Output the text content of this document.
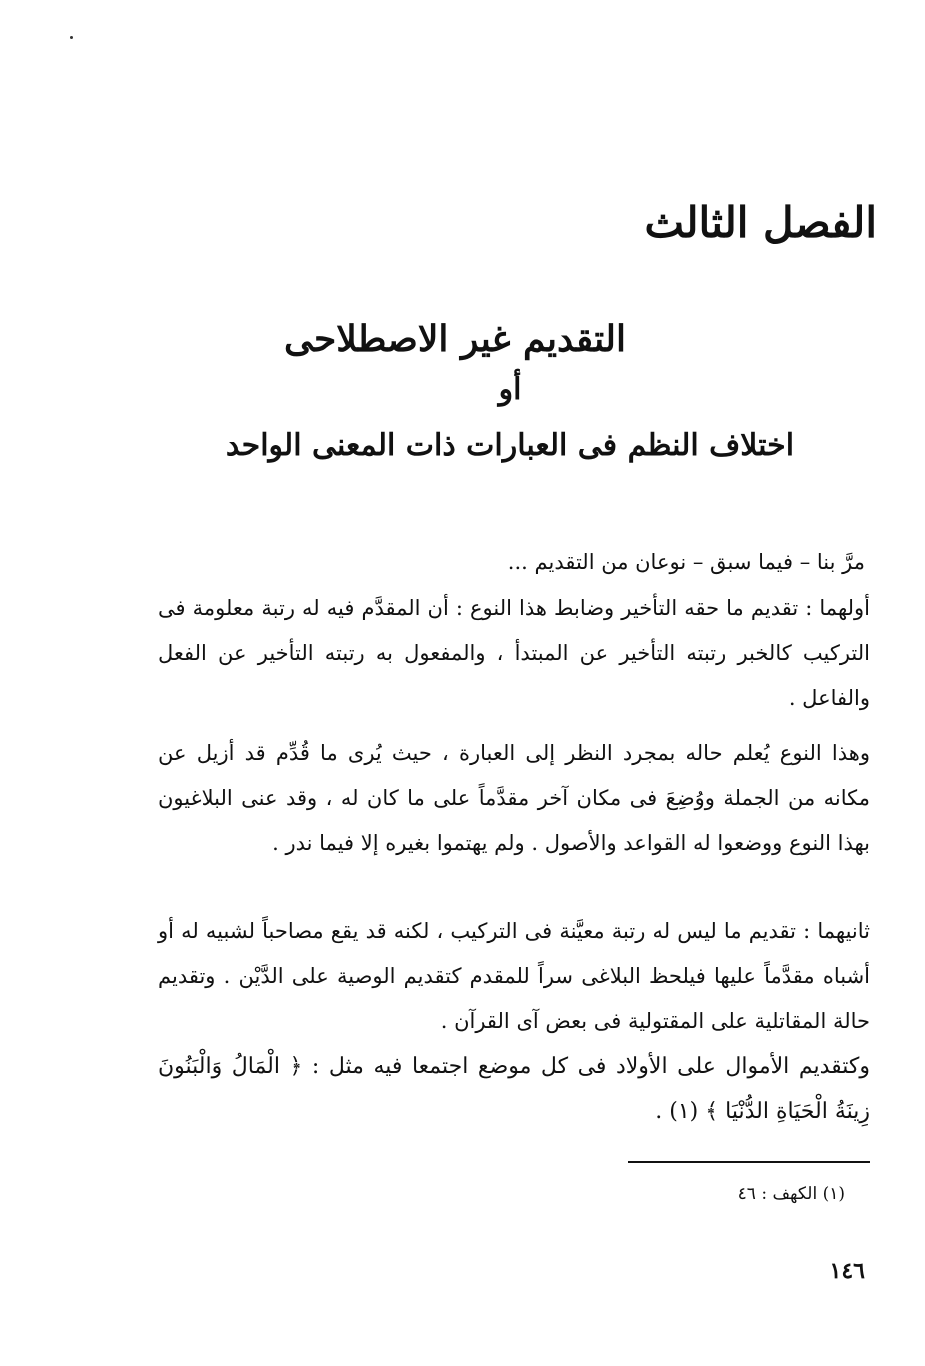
الفصل الثالث
التقديم غير الاصطلاحى
أو
اختلاف النظم فى العبارات ذات المعنى الواحد

مرَّ بنا – فيما سبق – نوعان من التقديم ...

أولهما : تقديم ما حقه التأخير وضابط هذا النوع : أن المقدَّم فيه له رتبة معلومة فى التركيب كالخبر رتبته التأخير عن المبتدأ ، والمفعول به رتبته التأخير عن الفعل والفاعل .

وهذا النوع يُعلم حاله بمجرد النظر إلى العبارة ، حيث يُرى ما قُدِّم قد أزيل عن مكانه من الجملة ووُضِعَ فى مكان آخر مقدَّماً على ما كان له ، وقد عنى البلاغيون بهذا النوع ووضعوا له القواعد والأصول . ولم يهتموا بغيره إلا فيما ندر .

ثانيهما : تقديم ما ليس له رتبة معيَّنة فى التركيب ، لكنه قد يقع مصاحباً لشبيه له أو أشباه مقدَّماً عليها فيلحظ البلاغى سراً للمقدم كتقديم الوصية على الدَّيْن . وتقديم حالة المقاتلية على المقتولية فى بعض آى القرآن .

وكتقديم الأموال على الأولاد فى كل موضع اجتمعا فيه مثل : ﴿ الْمَالُ وَالْبَنُونَ زِينَةُ الْحَيَاةِ الدُّنْيَا ﴾ (١) .

(١) الكهف : ٤٦

١٤٦
